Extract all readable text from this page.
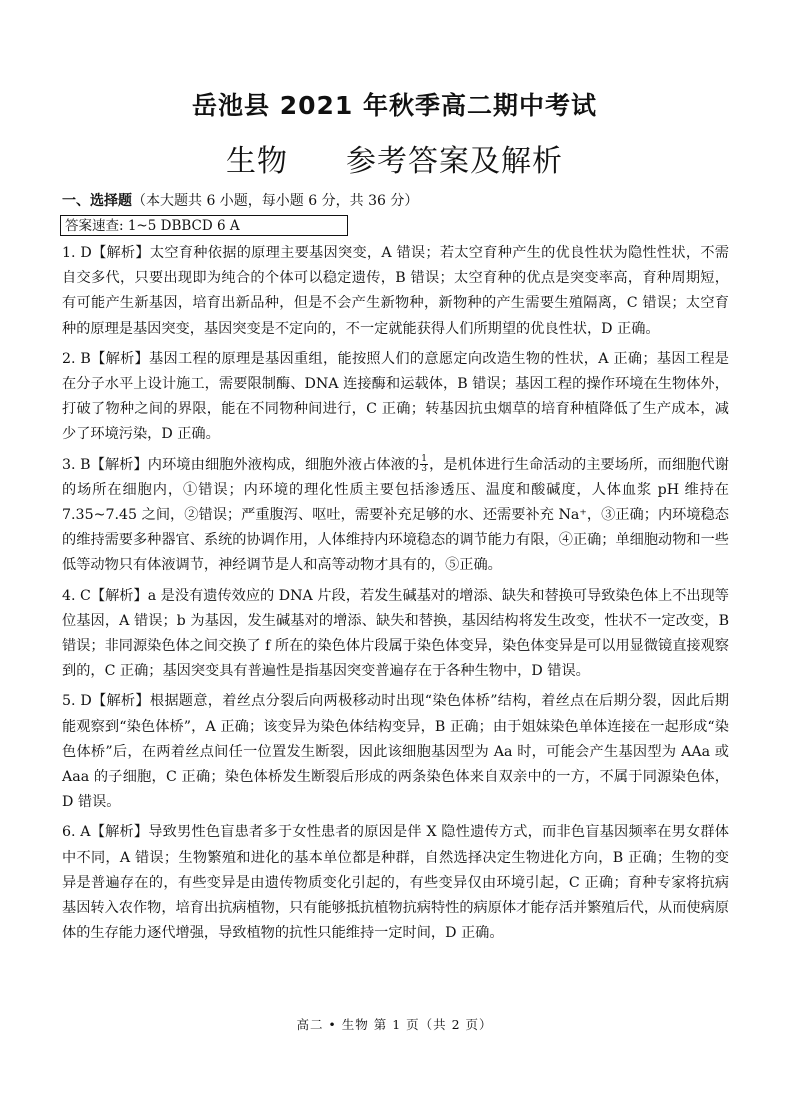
岳池县 2021 年秋季高二期中考试
生物 参考答案及解析
一、选择题（本大题共 6 小题，每小题 6 分，共 36 分）
答案速查: 1~5 DBBCD 6 A
1. D【解析】太空育种依据的原理主要基因突变，A 错误；若太空育种产生的优良性状为隐性性状，不需自交多代，只要出现即为纯合的个体可以稳定遗传，B 错误；太空育种的优点是突变率高，育种周期短，有可能产生新基因，培育出新品种，但是不会产生新物种，新物种的产生需要生殖隔离，C 错误；太空育种的原理是基因突变，基因突变是不定向的，不一定就能获得人们所期望的优良性状，D 正确。
2. B【解析】基因工程的原理是基因重组，能按照人们的意愿定向改造生物的性状，A 正确；基因工程是在分子水平上设计施工，需要限制酶、DNA 连接酶和运载体，B 错误；基因工程的操作环境在生物体外，打破了物种之间的界限，能在不同物种间进行，C 正确；转基因抗虫烟草的培育种植降低了生产成本，减少了环境污染，D 正确。
3. B【解析】内环境由细胞外液构成，细胞外液占体液的 $\frac{1}{3}$ ，是机体进行生命活动的主要场所，而细胞代谢的场所在细胞内，①错误；内环境的理化性质主要包括渗透压、温度和酸碱度，人体血浆 pH 维持在 7.35~7.45 之间，②错误；严重腹泻、呕吐，需要补充足够的水、还需要补充 Na⁺，③正确；内环境稳态的维持需要多种器官、系统的协调作用，人体维持内环境稳态的调节能力有限，④正确；单细胞动物和一些低等动物只有体液调节，神经调节是人和高等动物才具有的，⑤正确。
4. C【解析】a 是没有遗传效应的 DNA 片段，若发生碱基对的增添、缺失和替换可导致染色体上不出现等位基因，A 错误；b 为基因，发生碱基对的增添、缺失和替换，基因结构将发生改变，性状不一定改变，B 错误；非同源染色体之间交换了 f 所在的染色体片段属于染色体变异，染色体变异是可以用显微镜直接观察到的，C 正确；基因突变具有普遍性是指基因突变普遍存在于各种生物中，D 错误。
5. D【解析】根据题意，着丝点分裂后向两极移动时出现“染色体桥”结构，着丝点在后期分裂，因此后期能观察到“染色体桥”，A 正确；该变异为染色体结构变异，B 正确；由于姐妹染色单体连接在一起形成“染色体桥”后，在两着丝点间任一位置发生断裂，因此该细胞基因型为 Aa 时，可能会产生基因型为 AAa 或 Aaa 的子细胞，C 正确；染色体桥发生断裂后形成的两条染色体来自双亲中的一方，不属于同源染色体，D 错误。
6. A【解析】导致男性色盲患者多于女性患者的原因是伴 X 隐性遗传方式，而非色盲基因频率在男女群体中不同，A 错误；生物繁殖和进化的基本单位都是种群，自然选择决定生物进化方向，B 正确；生物的变异是普遍存在的，有些变异是由遗传物质变化引起的，有些变异仅由环境引起，C 正确；育种专家将抗病基因转入农作物，培育出抗病植物，只有能够抵抗植物抗病特性的病原体才能存活并繁殖后代，从而使病原体的生存能力逐代增强，导致植物的抗性只能维持一定时间，D 正确。
高二 • 生物 第 1 页（共 2 页）
